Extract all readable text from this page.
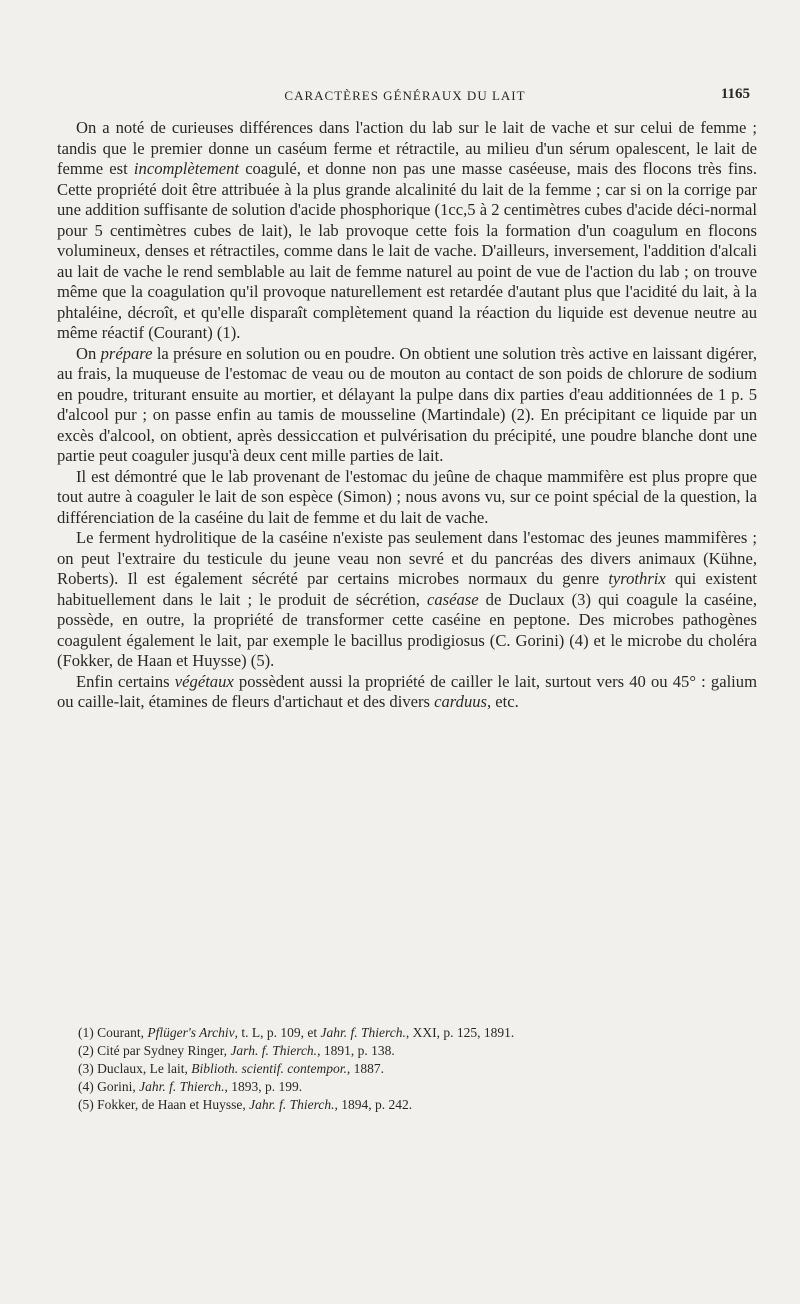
CARACTÈRES GÉNÉRAUX DU LAIT	1165

On a noté de curieuses différences dans l'action du lab sur le lait de vache et sur celui de femme ; tandis que le premier donne un caséum ferme et rétractile, au milieu d'un sérum opalescent, le lait de femme est incomplètement coagulé, et donne non pas une masse caséeuse, mais des flocons très fins. Cette propriété doit être attribuée à la plus grande alcalinité du lait de la femme ; car si on la corrige par une addition suffisante de solution d'acide phosphorique (1cc,5 à 2 centimètres cubes d'acide déci-normal pour 5 centimètres cubes de lait), le lab provoque cette fois la formation d'un coagulum en flocons volumineux, denses et rétractiles, comme dans le lait de vache. D'ailleurs, inversement, l'addition d'alcali au lait de vache le rend semblable au lait de femme naturel au point de vue de l'action du lab ; on trouve même que la coagulation qu'il provoque naturellement est retardée d'autant plus que l'acidité du lait, à la phtaléine, décroît, et qu'elle disparaît complètement quand la réaction du liquide est devenue neutre au même réactif (Courant) (1).

On prépare la présure en solution ou en poudre. On obtient une solution très active en laissant digérer, au frais, la muqueuse de l'estomac de veau ou de mouton au contact de son poids de chlorure de sodium en poudre, triturant ensuite au mortier, et délayant la pulpe dans dix parties d'eau additionnées de 1 p. 5 d'alcool pur ; on passe enfin au tamis de mousseline (Martindale) (2). En précipitant ce liquide par un excès d'alcool, on obtient, après dessiccation et pulvérisation du précipité, une poudre blanche dont une partie peut coaguler jusqu'à deux cent mille parties de lait.

Il est démontré que le lab provenant de l'estomac du jeûne de chaque mammifère est plus propre que tout autre à coaguler le lait de son espèce (Simon) ; nous avons vu, sur ce point spécial de la question, la différenciation de la caséine du lait de femme et du lait de vache.

Le ferment hydrolitique de la caséine n'existe pas seulement dans l'estomac des jeunes mammifères ; on peut l'extraire du testicule du jeune veau non sevré et du pancréas des divers animaux (Kühne, Roberts). Il est également sécrété par certains microbes normaux du genre tyrothrix qui existent habituellement dans le lait ; le produit de sécrétion, caséase de Duclaux (3) qui coagule la caséine, possède, en outre, la propriété de transformer cette caséine en peptone. Des microbes pathogènes coagulent également le lait, par exemple le bacillus prodigiosus (C. Gorini) (4) et le microbe du choléra (Fokker, de Haan et Huysse) (5).

Enfin certains végétaux possèdent aussi la propriété de cailler le lait, surtout vers 40 ou 45° : galium ou caille-lait, étamines de fleurs d'artichaut et des divers carduus, etc.

(1) Courant, Pflüger's Archiv, t. L, p. 109, et Jahr. f. Thierch., XXI, p. 125, 1891.
(2) Cité par Sydney Ringer, Jarh. f. Thierch., 1891, p. 138.
(3) Duclaux, Le lait, Biblioth. scientif. contempor., 1887.
(4) Gorini, Jahr. f. Thierch., 1893, p. 199.
(5) Fokker, de Haan et Huysse, Jahr. f. Thierch., 1894, p. 242.
